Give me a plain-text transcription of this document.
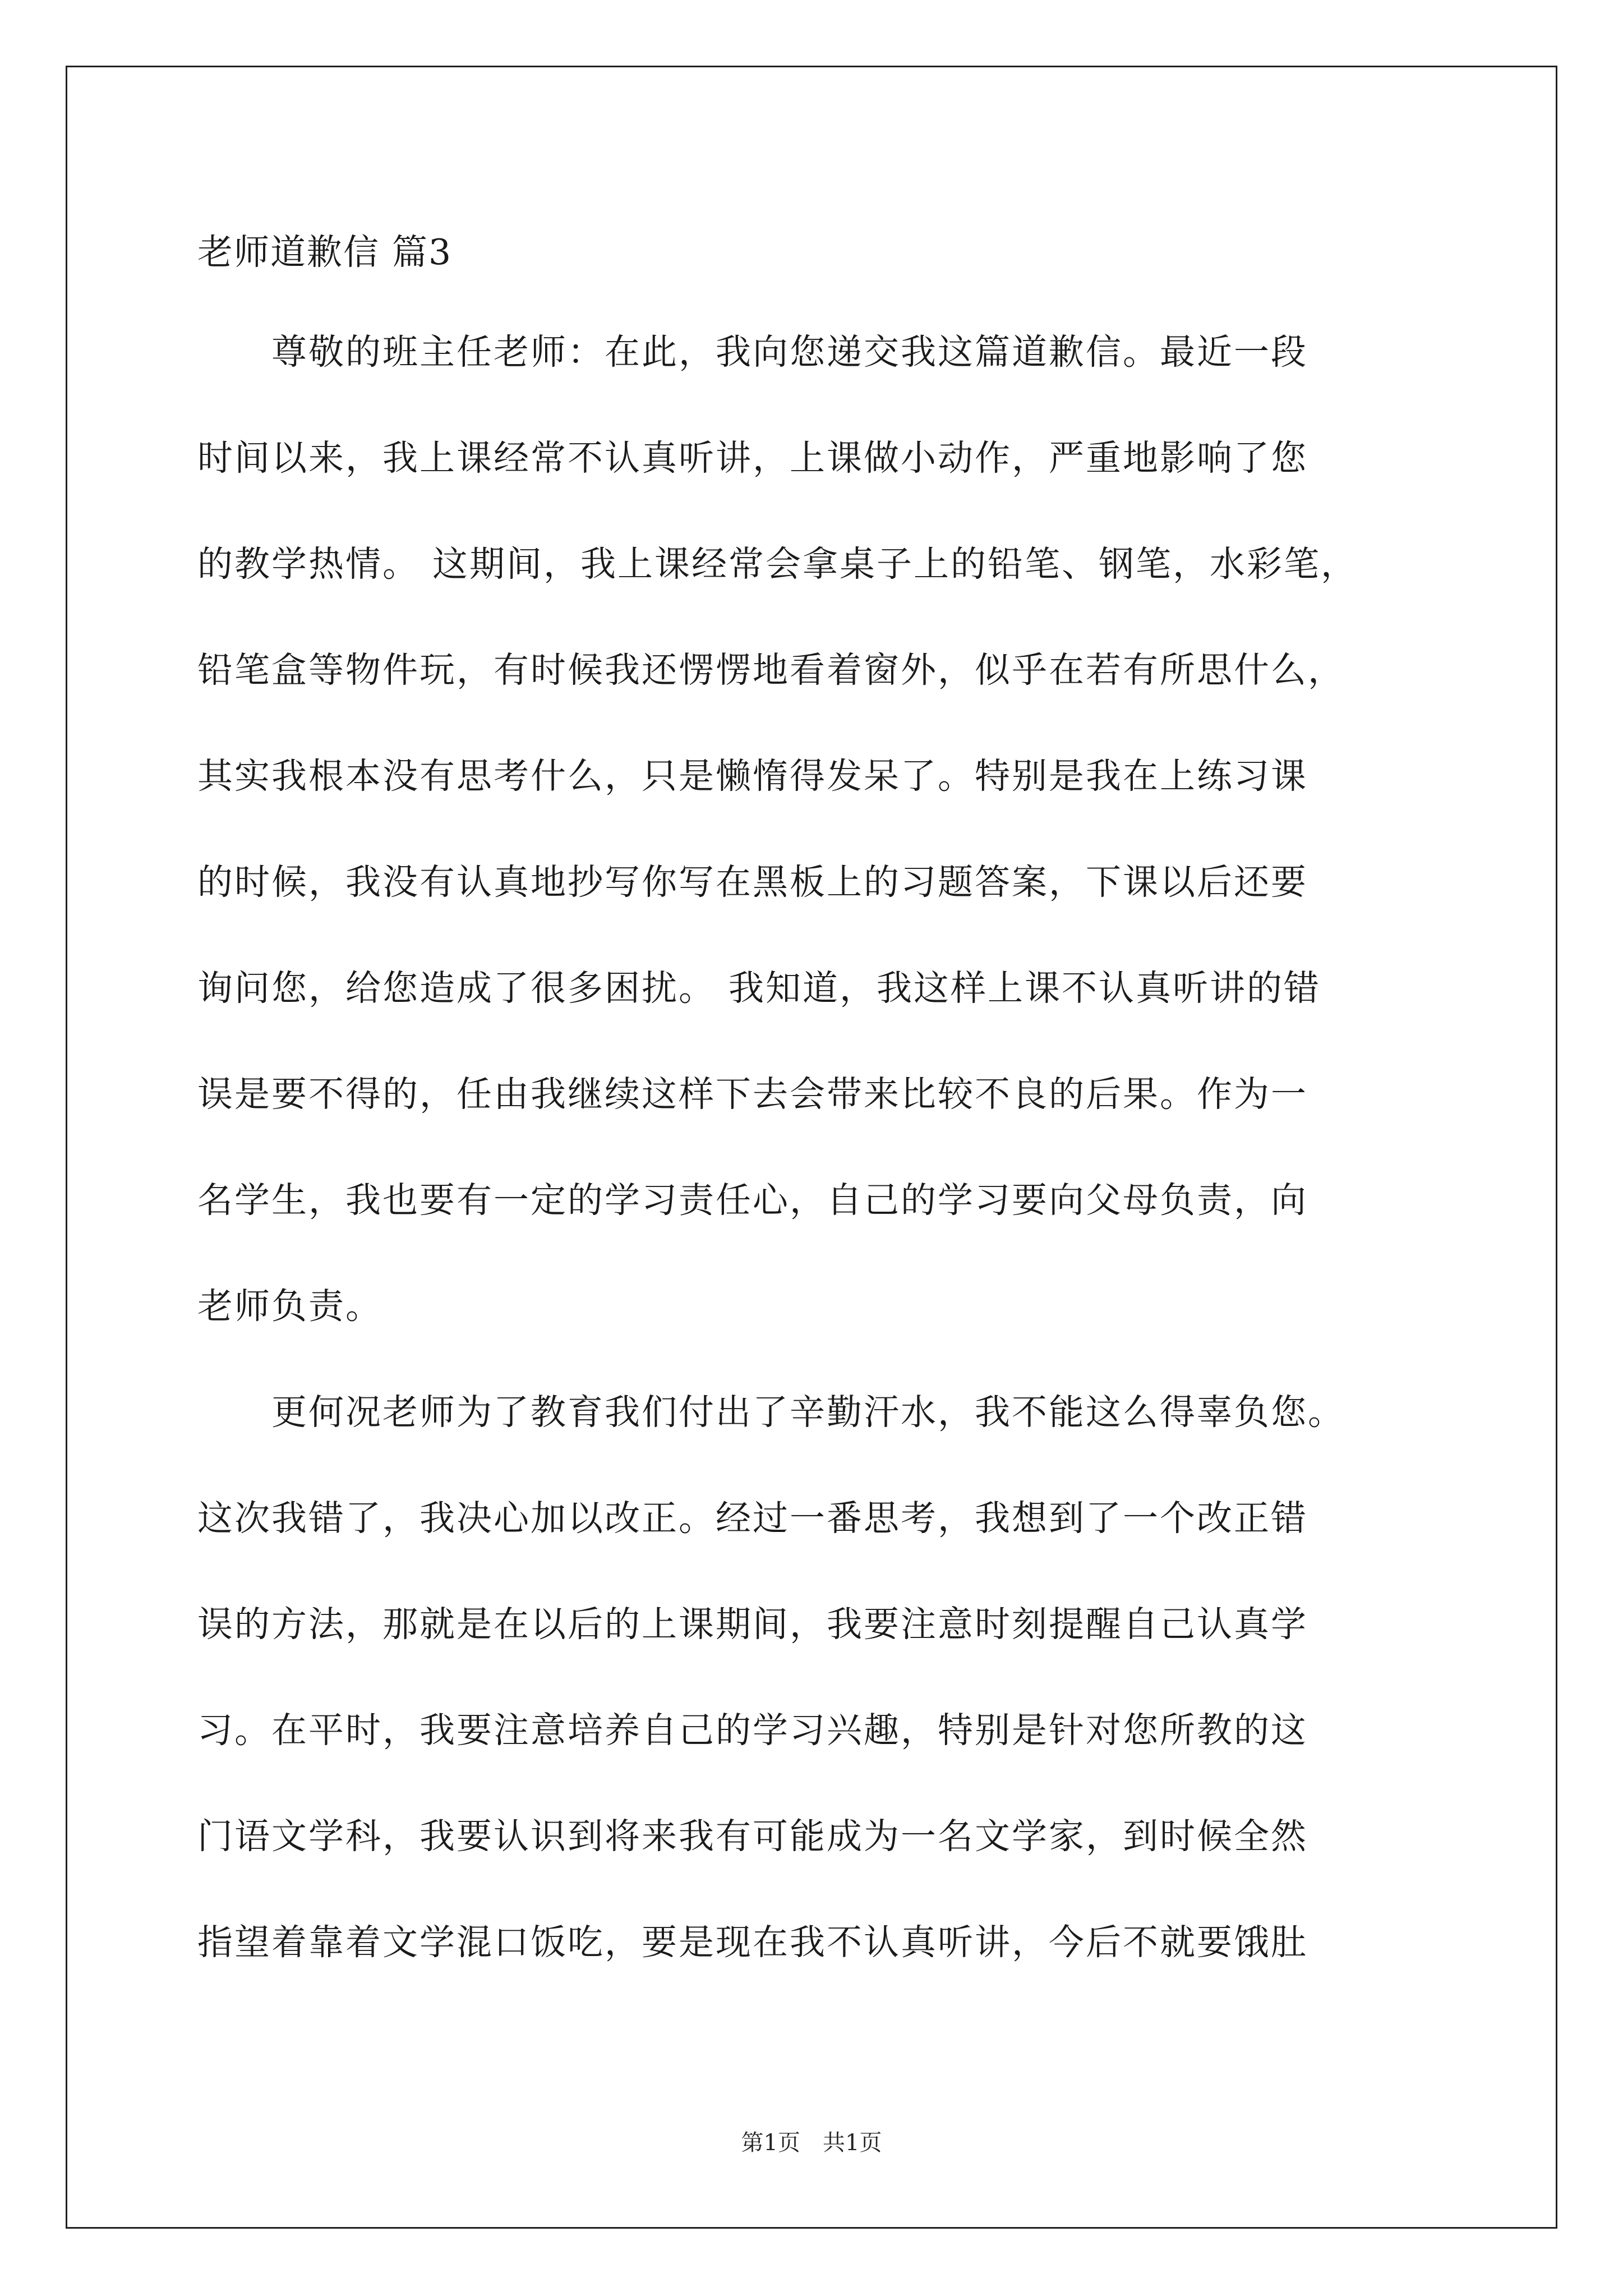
老师道歉信 篇3
　　尊敬的班主任老师：在此，我向您递交我这篇道歉信。最近一段
时间以来，我上课经常不认真听讲，上课做小动作，严重地影响了您
的教学热情。 这期间，我上课经常会拿桌子上的铅笔、钢笔，水彩笔，
铅笔盒等物件玩，有时候我还愣愣地看着窗外，似乎在若有所思什么，
其实我根本没有思考什么，只是懒惰得发呆了。特别是我在上练习课
的时候，我没有认真地抄写你写在黑板上的习题答案，下课以后还要
询问您，给您造成了很多困扰。 我知道，我这样上课不认真听讲的错
误是要不得的，任由我继续这样下去会带来比较不良的后果。作为一
名学生，我也要有一定的学习责任心，自己的学习要向父母负责，向
老师负责。
　　更何况老师为了教育我们付出了辛勤汗水，我不能这么得辜负您。
这次我错了，我决心加以改正。经过一番思考，我想到了一个改正错
误的方法，那就是在以后的上课期间，我要注意时刻提醒自己认真学
习。在平时，我要注意培养自己的学习兴趣，特别是针对您所教的这
门语文学科，我要认识到将来我有可能成为一名文学家，到时候全然
指望着靠着文学混口饭吃，要是现在我不认真听讲，今后不就要饿肚
第1页　共1页
